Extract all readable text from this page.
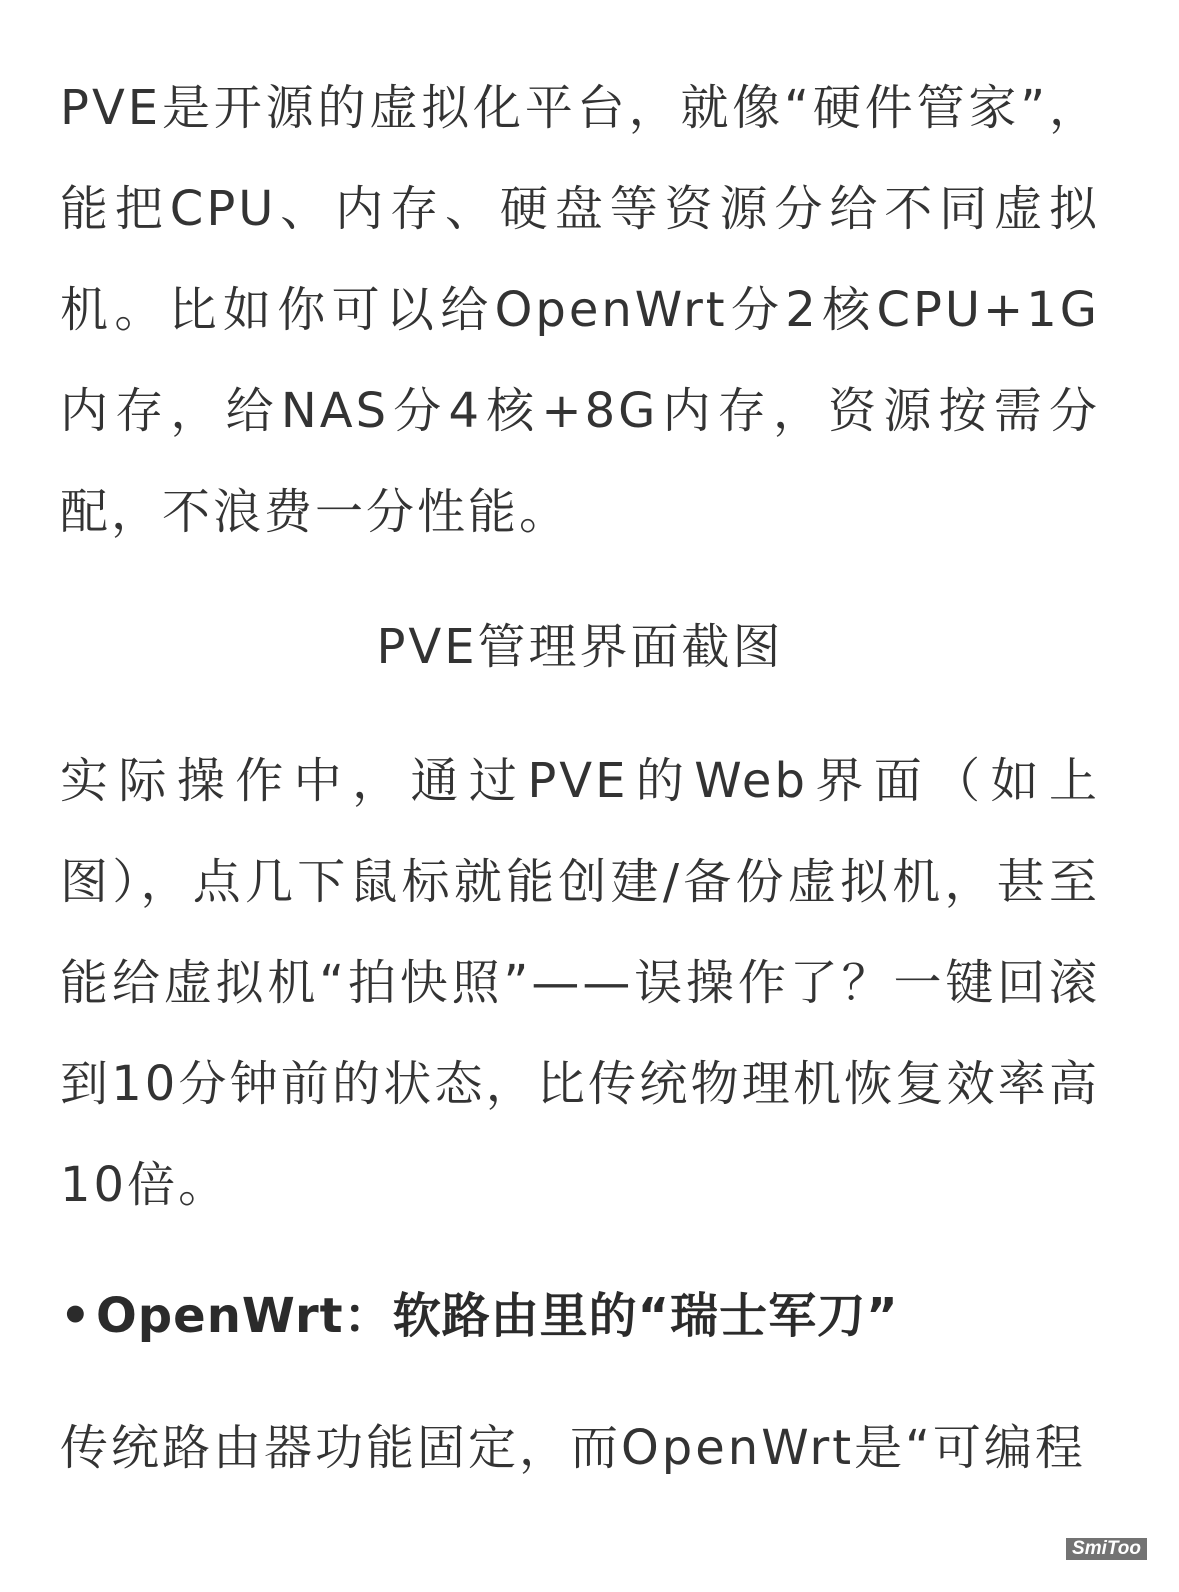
PVE是开源的虚拟化平台，就像“硬件管家”，能把CPU、内存、硬盘等资源分给不同虚拟机。比如你可以给OpenWrt分2核CPU+1G内存，给NAS分4核+8G内存，资源按需分配，不浪费一分性能。

PVE管理界面截图

实际操作中，通过PVE的Web界面（如上图），点几下鼠标就能创建/备份虚拟机，甚至能给虚拟机“拍快照”——误操作了？一键回滚到10分钟前的状态，比传统物理机恢复效率高10倍。

•OpenWrt：软路由里的“瑞士军刀”

传统路由器功能固定，而OpenWrt是“可编程

SmiToo
